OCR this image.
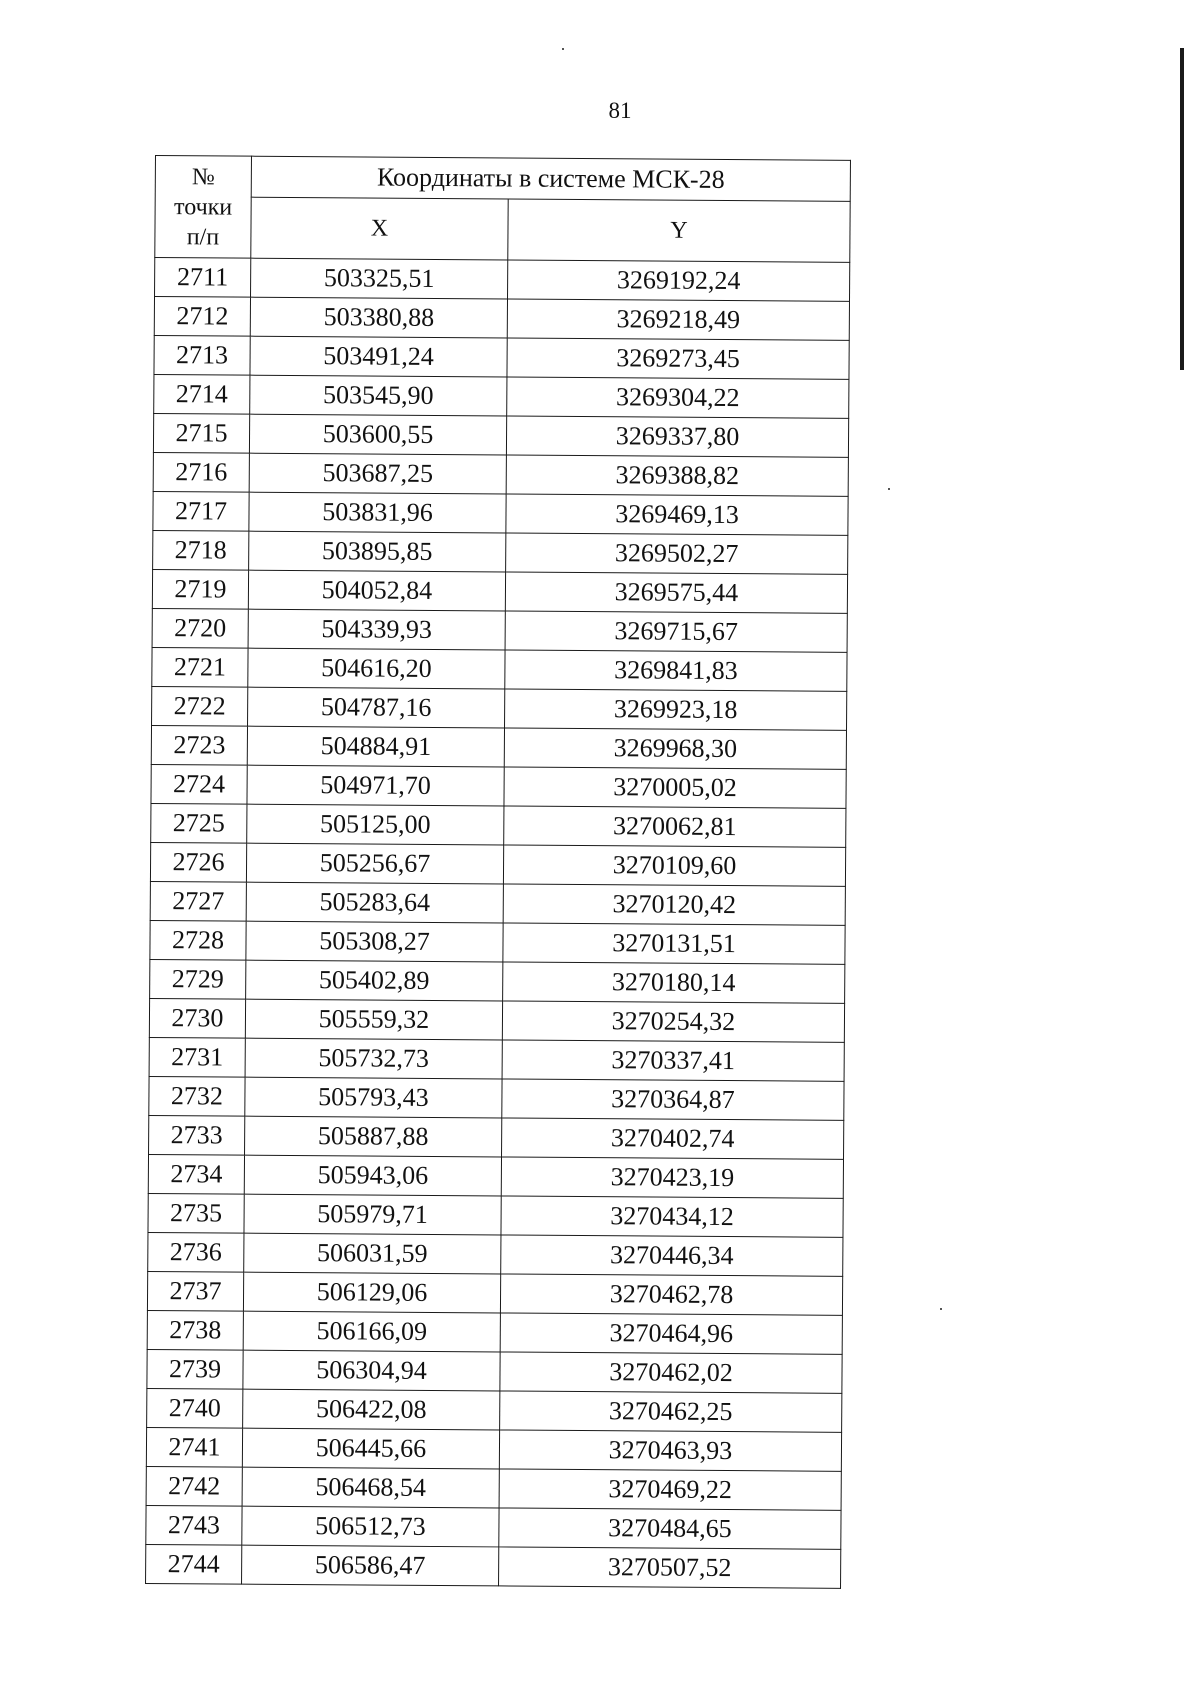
81
№
точки
п/п	Координаты в системе МСК-28	
	X	Y
2711	503325,51	3269192,24
2712	503380,88	3269218,49
2713	503491,24	3269273,45
2714	503545,90	3269304,22
2715	503600,55	3269337,80
2716	503687,25	3269388,82
2717	503831,96	3269469,13
2718	503895,85	3269502,27
2719	504052,84	3269575,44
2720	504339,93	3269715,67
2721	504616,20	3269841,83
2722	504787,16	3269923,18
2723	504884,91	3269968,30
2724	504971,70	3270005,02
2725	505125,00	3270062,81
2726	505256,67	3270109,60
2727	505283,64	3270120,42
2728	505308,27	3270131,51
2729	505402,89	3270180,14
2730	505559,32	3270254,32
2731	505732,73	3270337,41
2732	505793,43	3270364,87
2733	505887,88	3270402,74
2734	505943,06	3270423,19
2735	505979,71	3270434,12
2736	506031,59	3270446,34
2737	506129,06	3270462,78
2738	506166,09	3270464,96
2739	506304,94	3270462,02
2740	506422,08	3270462,25
2741	506445,66	3270463,93
2742	506468,54	3270469,22
2743	506512,73	3270484,65
2744	506586,47	3270507,52
